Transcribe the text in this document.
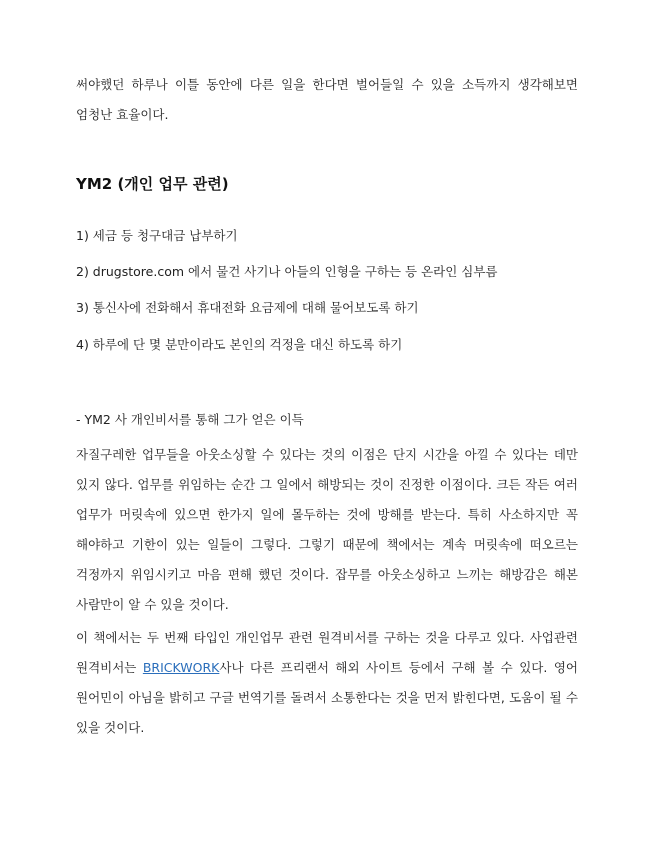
써야했던 하루나 이틀 동안에 다른 일을 한다면 벌어들일 수 있을 소득까지 생각해보면
엄청난 효율이다.
YM2 (개인 업무 관련)

1) 세금 등 청구대금 납부하기

2) drugstore.com 에서 물건 사기나 아들의 인형을 구하는 등 온라인 심부름

3) 통신사에 전화해서 휴대전화 요금제에 대해 물어보도록 하기

4) 하루에 단 몇 분만이라도 본인의 걱정을 대신 하도록 하기

- YM2 사 개인비서를 통해 그가 얻은 이득

자질구레한 업무들을 아웃소싱할 수 있다는 것의 이점은 단지 시간을 아낄 수 있다는 데만
있지 않다. 업무를 위임하는 순간 그 일에서 해방되는 것이 진정한 이점이다. 크든 작든 여러
업무가 머릿속에 있으면 한가지 일에 몰두하는 것에 방해를 받는다. 특히 사소하지만 꼭
해야하고 기한이 있는 일들이 그렇다. 그렇기 때문에 책에서는 계속 머릿속에 떠오르는
걱정까지 위임시키고 마음 편해 했던 것이다. 잡무를 아웃소싱하고 느끼는 해방감은 해본
사람만이 알 수 있을 것이다.
이 책에서는 두 번째 타입인 개인업무 관련 원격비서를 구하는 것을 다루고 있다. 사업관련
원격비서는 BRICKWORK사나 다른 프리랜서 해외 사이트 등에서 구해 볼 수 있다. 영어
원어민이 아님을 밝히고 구글 번역기를 돌려서 소통한다는 것을 먼저 밝힌다면, 도움이 될 수
있을 것이다.
